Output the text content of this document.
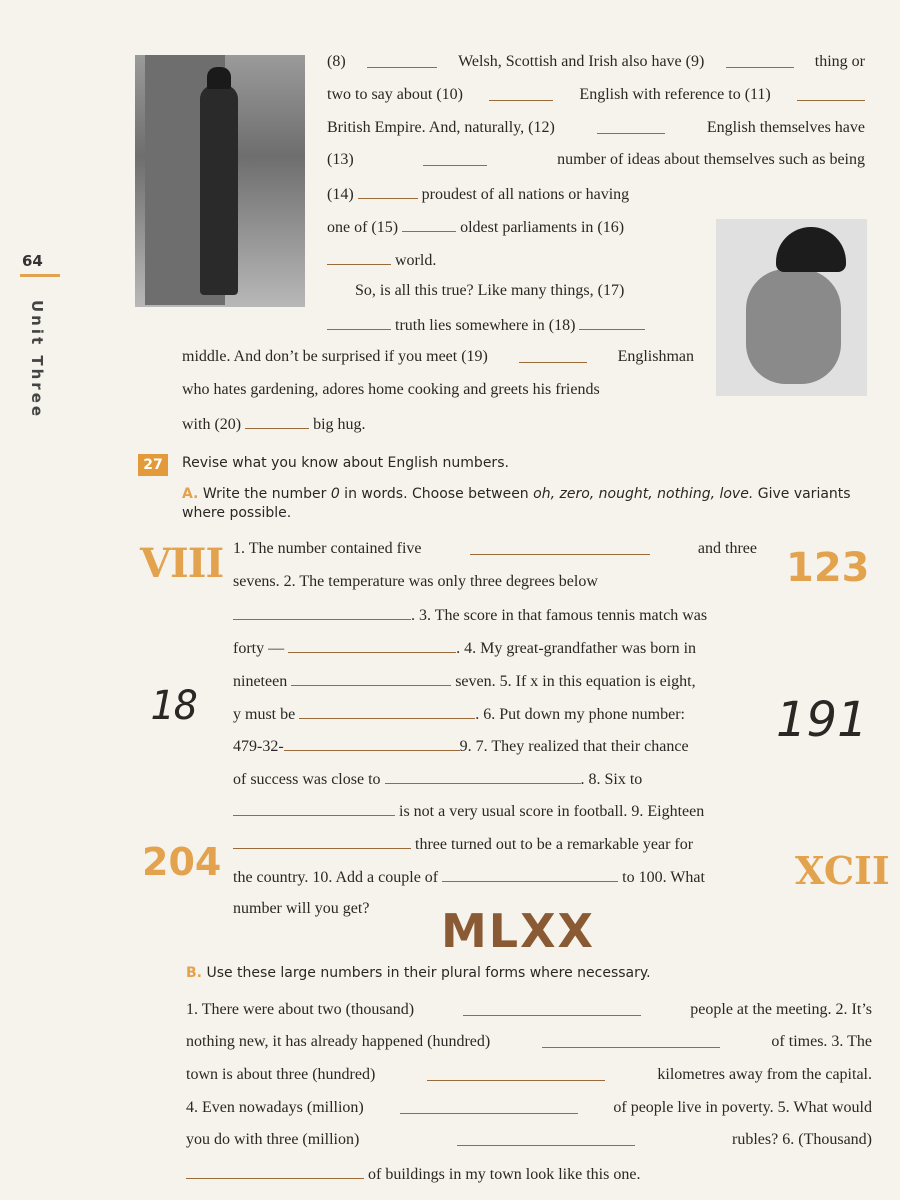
64
Unit Three
(8)	Welsh, Scottish and Irish also have (9)	thing or
two to say about (10)	English with reference to (11)
British Empire. And, naturally, (12)	English themselves have
(13)	number of ideas about themselves such as being
(14)	proudest of all nations or having
one of (15)	oldest parliaments in (16)
world.
So, is all this true? Like many things, (17)
truth lies somewhere in (18)
middle. And don’t be surprised if you meet (19)	Englishman
who hates gardening, adores home cooking and greets his friends
with (20)	big hug.
27	Revise what you know about English numbers.
A. Write the number 0 in words. Choose between oh, zero, nought, nothing, love. Give variants where possible.
VIII	123
18	191
204	XCII
MLXX
1. The number contained five	and three
sevens. 2. The temperature was only three degrees below
. 3. The score in that famous tennis match was
forty —	. 4. My great-grandfather was born in
nineteen	seven. 5. If x in this equation is eight,
y must be	. 6. Put down my phone number:
479-32-	9. 7. They realized that their chance
of success was close to	. 8. Six to
is not a very usual score in football. 9. Eighteen
three turned out to be a remarkable year for
the country. 10. Add a couple of	to 100. What
number will you get?
B. Use these large numbers in their plural forms where necessary.
1. There were about two (thousand)	people at the meeting. 2. It’s
nothing new, it has already happened (hundred)	of times. 3. The
town is about three (hundred)	kilometres away from the capital.
4. Even nowadays (million)	of people live in poverty. 5. What would
you do with three (million)	rubles? 6. (Thousand)
of buildings in my town look like this one.
